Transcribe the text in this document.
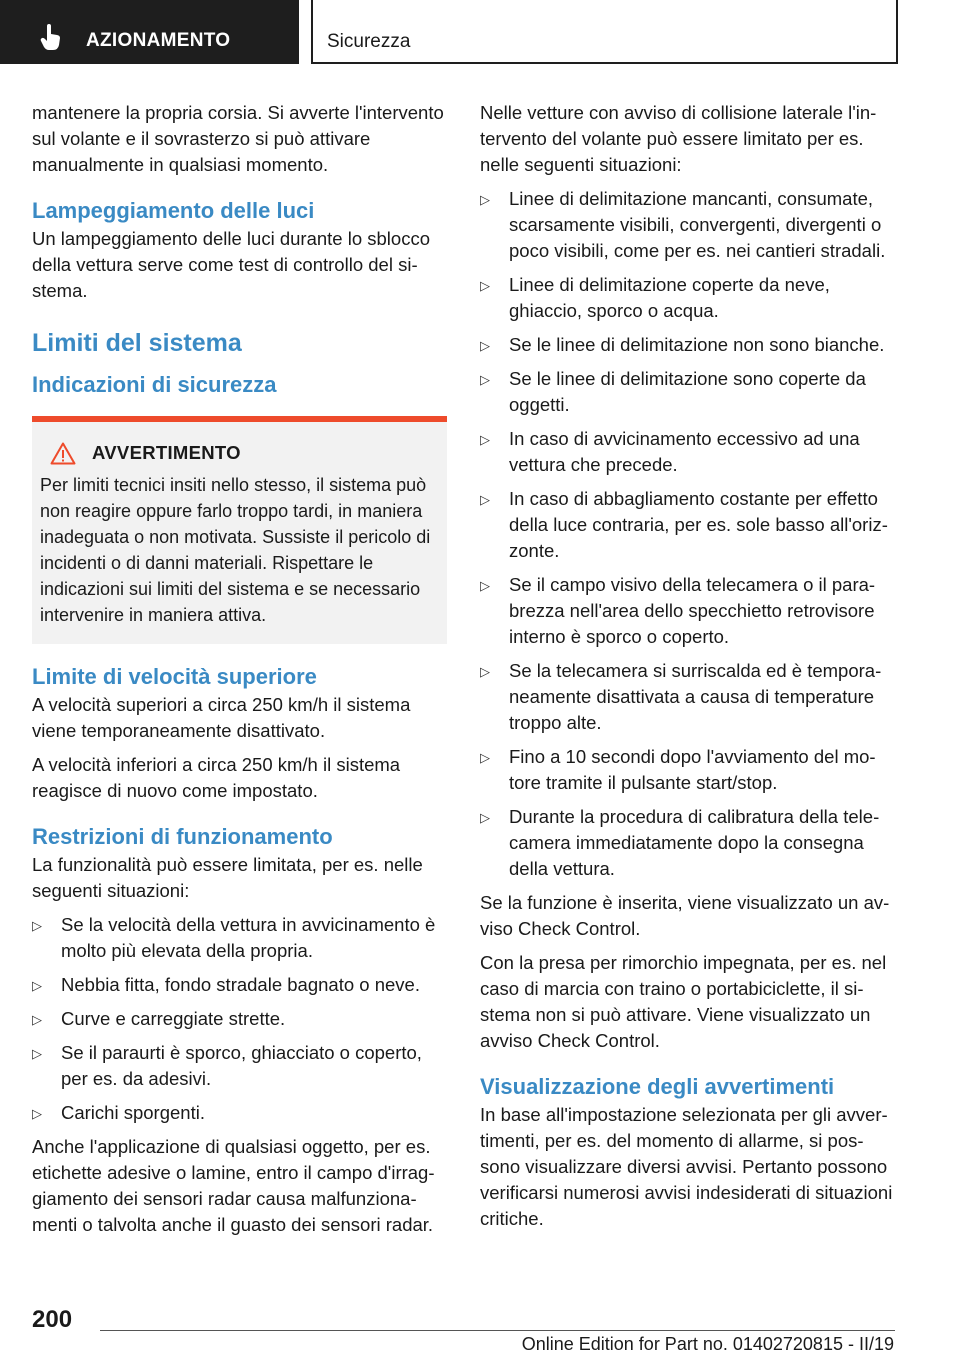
AZIONAMENTO	Sicurezza

mantenere la propria corsia. Si avverte l'intervento sul volante e il sovrasterzo si può attivare manualmente in qualsiasi momento.

Lampeggiamento delle luci

Un lampeggiamento delle luci durante lo sblocco della vettura serve come test di controllo del sistema.

Limiti del sistema
Indicazioni di sicurezza
AVVERTIMENTO
Per limiti tecnici insiti nello stesso, il sistema può non reagire oppure farlo troppo tardi, in maniera inadeguata o non motivata. Sussiste il pericolo di incidenti o di danni materiali. Rispettare le indicazioni sui limiti del sistema e se necessario intervenire in maniera attiva.
Limite di velocità superiore

A velocità superiori a circa 250 km/h il sistema viene temporaneamente disattivato.

A velocità inferiori a circa 250 km/h il sistema reagisce di nuovo come impostato.

Restrizioni di funzionamento

La funzionalità può essere limitata, per es. nelle seguenti situazioni:

▷ Se la velocità della vettura in avvicinamento è molto più elevata della propria.
▷ Nebbia fitta, fondo stradale bagnato o neve.
▷ Curve e carreggiate strette.
▷ Se il paraurti è sporco, ghiacciato o coperto, per es. da adesivi.
▷ Carichi sporgenti.

Anche l'applicazione di qualsiasi oggetto, per es. etichette adesive o lamine, entro il campo d'irraggiamento dei sensori radar causa malfunzionamenti o talvolta anche il guasto dei sensori radar.

Nelle vetture con avviso di collisione laterale l'intervento del volante può essere limitato per es. nelle seguenti situazioni:

▷ Linee di delimitazione mancanti, consumate, scarsamente visibili, convergenti, divergenti o poco visibili, come per es. nei cantieri stradali.
▷ Linee di delimitazione coperte da neve, ghiaccio, sporco o acqua.
▷ Se le linee di delimitazione non sono bianche.
▷ Se le linee di delimitazione sono coperte da oggetti.
▷ In caso di avvicinamento eccessivo ad una vettura che precede.
▷ In caso di abbagliamento costante per effetto della luce contraria, per es. sole basso all'orizzonte.
▷ Se il campo visivo della telecamera o il parabrezza nell'area dello specchietto retrovisore interno è sporco o coperto.
▷ Se la telecamera si surriscalda ed è temporaneamente disattivata a causa di temperature troppo alte.
▷ Fino a 10 secondi dopo l'avviamento del motore tramite il pulsante start/stop.
▷ Durante la procedura di calibratura della telecamera immediatamente dopo la consegna della vettura.

Se la funzione è inserita, viene visualizzato un avviso Check Control.

Con la presa per rimorchio impegnata, per es. nel caso di marcia con traino o portabiciclette, il sistema non si può attivare. Viene visualizzato un avviso Check Control.

Visualizzazione degli avvertimenti

In base all'impostazione selezionata per gli avvertimenti, per es. del momento di allarme, si possono visualizzare diversi avvisi. Pertanto possono verificarsi numerosi avvisi indesiderati di situazioni critiche.

200
Online Edition for Part no. 01402720815 - II/19
